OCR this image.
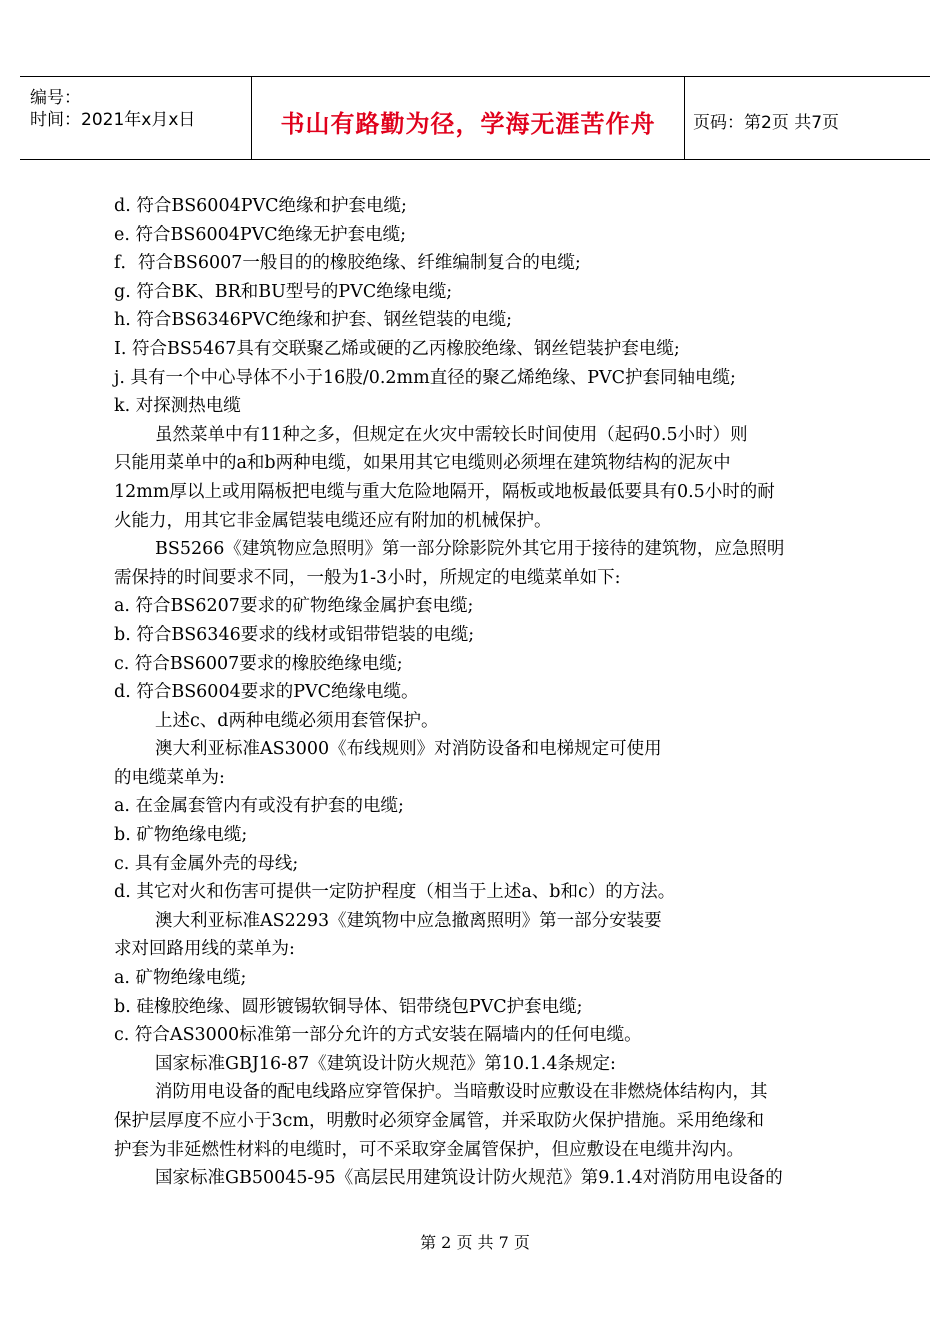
编号：
时间：2021年x月x日	书山有路勤为径，学海无涯苦作舟	页码：第2页 共7页
d. 符合BS6004PVC绝缘和护套电缆;
e. 符合BS6004PVC绝缘无护套电缆;
f．符合BS6007一般目的的橡胶绝缘、纤维编制复合的电缆;
g. 符合BK、BR和BU型号的PVC绝缘电缆;
h. 符合BS6346PVC绝缘和护套、钢丝铠装的电缆;
I. 符合BS5467具有交联聚乙烯或硬的乙丙橡胶绝缘、钢丝铠装护套电缆;
j. 具有一个中心导体不小于16股/0.2mm直径的聚乙烯绝缘、PVC护套同轴电缆;
k. 对探测热电缆
虽然菜单中有11种之多，但规定在火灾中需较长时间使用（起码0.5小时）则
只能用菜单中的a和b两种电缆，如果用其它电缆则必须埋在建筑物结构的泥灰中
12mm厚以上或用隔板把电缆与重大危险地隔开，隔板或地板最低要具有0.5小时的耐
火能力，用其它非金属铠装电缆还应有附加的机械保护。
BS5266《建筑物应急照明》第一部分除影院外其它用于接待的建筑物，应急照明
需保持的时间要求不同，一般为1-3小时，所规定的电缆菜单如下:
a. 符合BS6207要求的矿物绝缘金属护套电缆;
b. 符合BS6346要求的线材或铝带铠装的电缆;
c. 符合BS6007要求的橡胶绝缘电缆;
d. 符合BS6004要求的PVC绝缘电缆。
上述c、d两种电缆必须用套管保护。
澳大利亚标准AS3000《布线规则》对消防设备和电梯规定可使用
的电缆菜单为:
a. 在金属套管内有或没有护套的电缆;
b. 矿物绝缘电缆;
c. 具有金属外壳的母线;
d. 其它对火和伤害可提供一定防护程度（相当于上述a、b和c）的方法。
澳大利亚标准AS2293《建筑物中应急撤离照明》第一部分安装要
求对回路用线的菜单为:
a. 矿物绝缘电缆;
b. 硅橡胶绝缘、圆形镀锡软铜导体、铝带绕包PVC护套电缆;
c. 符合AS3000标准第一部分允许的方式安装在隔墙内的任何电缆。
国家标准GBJ16-87《建筑设计防火规范》第10.1.4条规定:
消防用电设备的配电线路应穿管保护。当暗敷设时应敷设在非燃烧体结构内，其
保护层厚度不应小于3cm，明敷时必须穿金属管，并采取防火保护措施。采用绝缘和
护套为非延燃性材料的电缆时，可不采取穿金属管保护，但应敷设在电缆井沟内。
国家标准GB50045-95《高层民用建筑设计防火规范》第9.1.4对消防用电设备的
第 2 页 共 7 页
